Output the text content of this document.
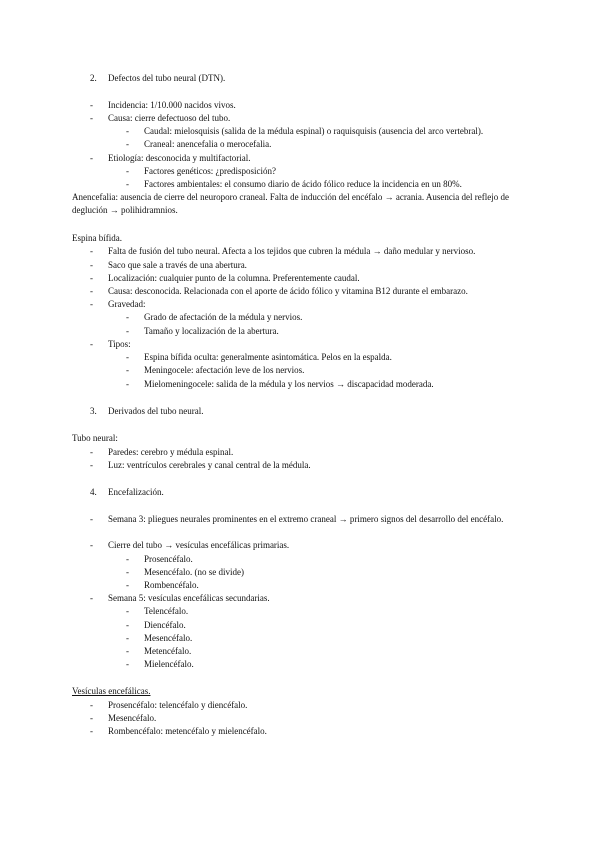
2. Defectos del tubo neural (DTN).
- Incidencia: 1/10.000 nacidos vivos.
- Causa: cierre defectuoso del tubo.
- Caudal: mielosquisis (salida de la médula espinal) o raquisquisis (ausencia del arco vertebral).
- Craneal: anencefalia o merocefalia.
- Etiología: desconocida y multifactorial.
- Factores genéticos: ¿predisposición?
- Factores ambientales: el consumo diario de ácido fólico reduce la incidencia en un 80%.
Anencefalia: ausencia de cierre del neuroporo craneal. Falta de inducción del encéfalo → acrania. Ausencia del reflejo de deglución → polihidramnios.
Espina bífida.
- Falta de fusión del tubo neural. Afecta a los tejidos que cubren la médula → daño medular y nervioso.
- Saco que sale a través de una abertura.
- Localización: cualquier punto de la columna. Preferentemente caudal.
- Causa: desconocida. Relacionada con el aporte de ácido fólico y vitamina B12 durante el embarazo.
- Gravedad:
- Grado de afectación de la médula y nervios.
- Tamaño y localización de la abertura.
- Tipos:
- Espina bífida oculta: generalmente asintomática. Pelos en la espalda.
- Meningocele: afectación leve de los nervios.
- Mielomeningocele: salida de la médula y los nervios → discapacidad moderada.
3. Derivados del tubo neural.
Tubo neural:
- Paredes: cerebro y médula espinal.
- Luz: ventrículos cerebrales y canal central de la médula.
4. Encefalización.
- Semana 3: pliegues neurales prominentes en el extremo craneal → primero signos del desarrollo del encéfalo.
- Cierre del tubo → vesículas encefálicas primarias.
- Prosencéfalo.
- Mesencéfalo. (no se divide)
- Rombencéfalo.
- Semana 5: vesículas encefálicas secundarias.
- Telencéfalo.
- Diencéfalo.
- Mesencéfalo.
- Metencéfalo.
- Mielencéfalo.
Vesículas encefálicas.
- Prosencéfalo: telencéfalo y diencéfalo.
- Mesencéfalo.
- Rombencéfalo: metencéfalo y mielencéfalo.
